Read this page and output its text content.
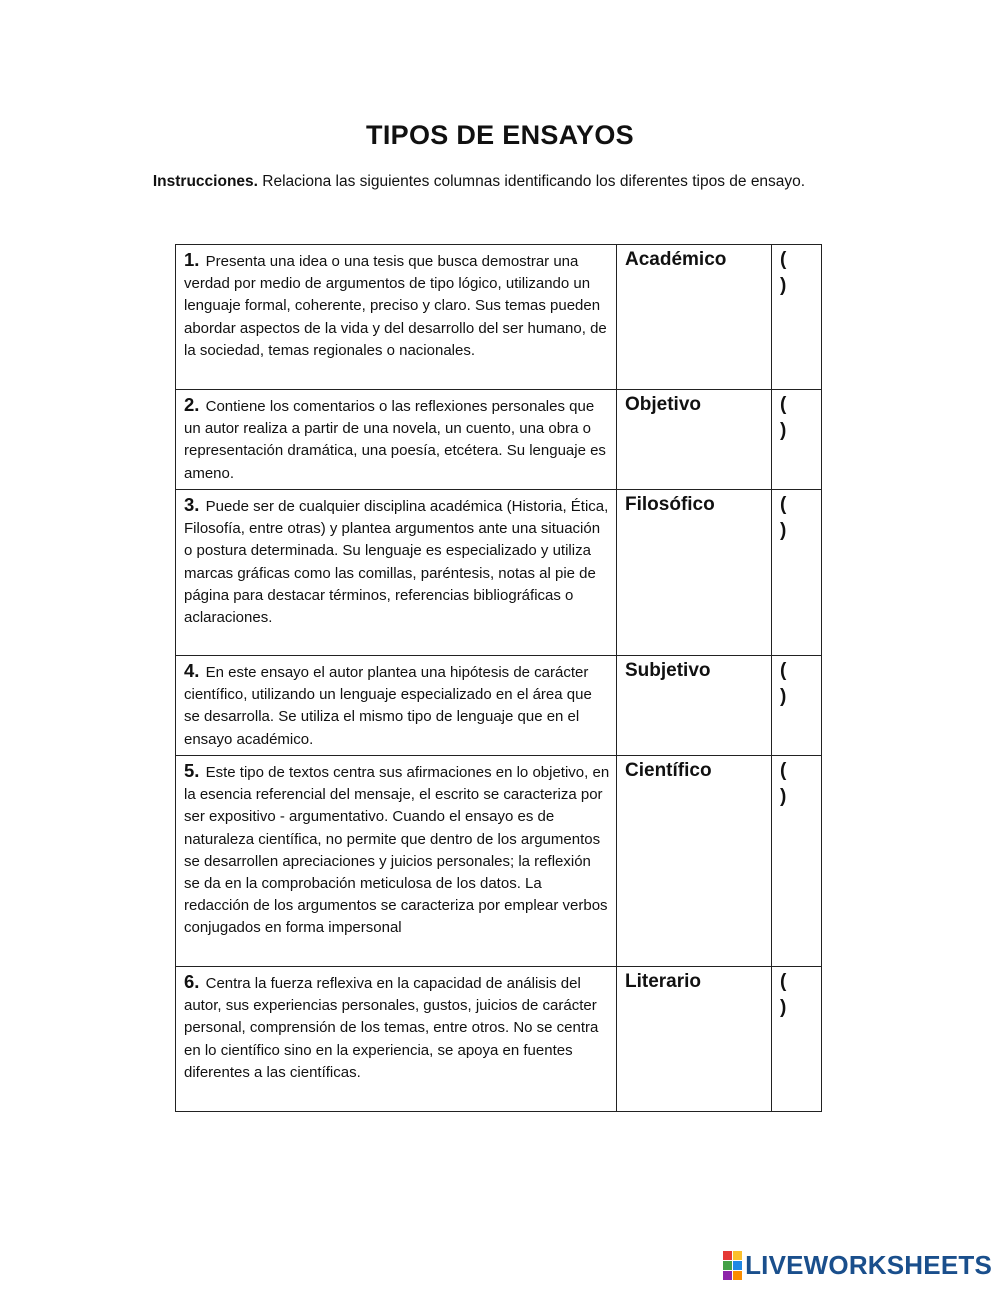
TIPOS DE ENSAYOS
Instrucciones. Relaciona las siguientes columnas identificando los diferentes tipos de ensayo.
1. Presenta una idea o una tesis que busca demostrar una verdad por medio de argumentos de tipo lógico, utilizando un lenguaje formal, coherente, preciso y claro. Sus temas pueden abordar aspectos de la vida y del desarrollo del ser humano, de la sociedad, temas regionales o nacionales.	Académico	()
2. Contiene los comentarios o las reflexiones personales que un autor realiza a partir de una novela, un cuento, una obra o representación dramática, una poesía, etcétera. Su lenguaje es ameno.	Objetivo	()
3. Puede ser de cualquier disciplina académica (Historia, Ética, Filosofía, entre otras) y plantea argumentos ante una situación o postura determinada. Su lenguaje es especializado y utiliza marcas gráficas como las comillas, paréntesis, notas al pie de página para destacar términos, referencias bibliográficas o aclaraciones.	Filosófico	()
4. En este ensayo el autor plantea una hipótesis de carácter científico, utilizando un lenguaje especializado en el área que se desarrolla. Se utiliza el mismo tipo de lenguaje que en el ensayo académico.	Subjetivo	()
5. Este tipo de textos centra sus afirmaciones en lo objetivo, en la esencia referencial del mensaje, el escrito se caracteriza por ser expositivo - argumentativo. Cuando el ensayo es de naturaleza científica, no permite que dentro de los argumentos se desarrollen apreciaciones y juicios personales; la reflexión se da en la comprobación meticulosa de los datos. La redacción de los argumentos se caracteriza por emplear verbos conjugados en forma impersonal	Científico	()
6. Centra la fuerza reflexiva en la capacidad de análisis del autor, sus experiencias personales, gustos, juicios de carácter personal, comprensión de los temas, entre otros. No se centra en lo científico sino en la experiencia, se apoya en fuentes diferentes a las científicas.	Literario	()
LIVEWORKSHEETS
